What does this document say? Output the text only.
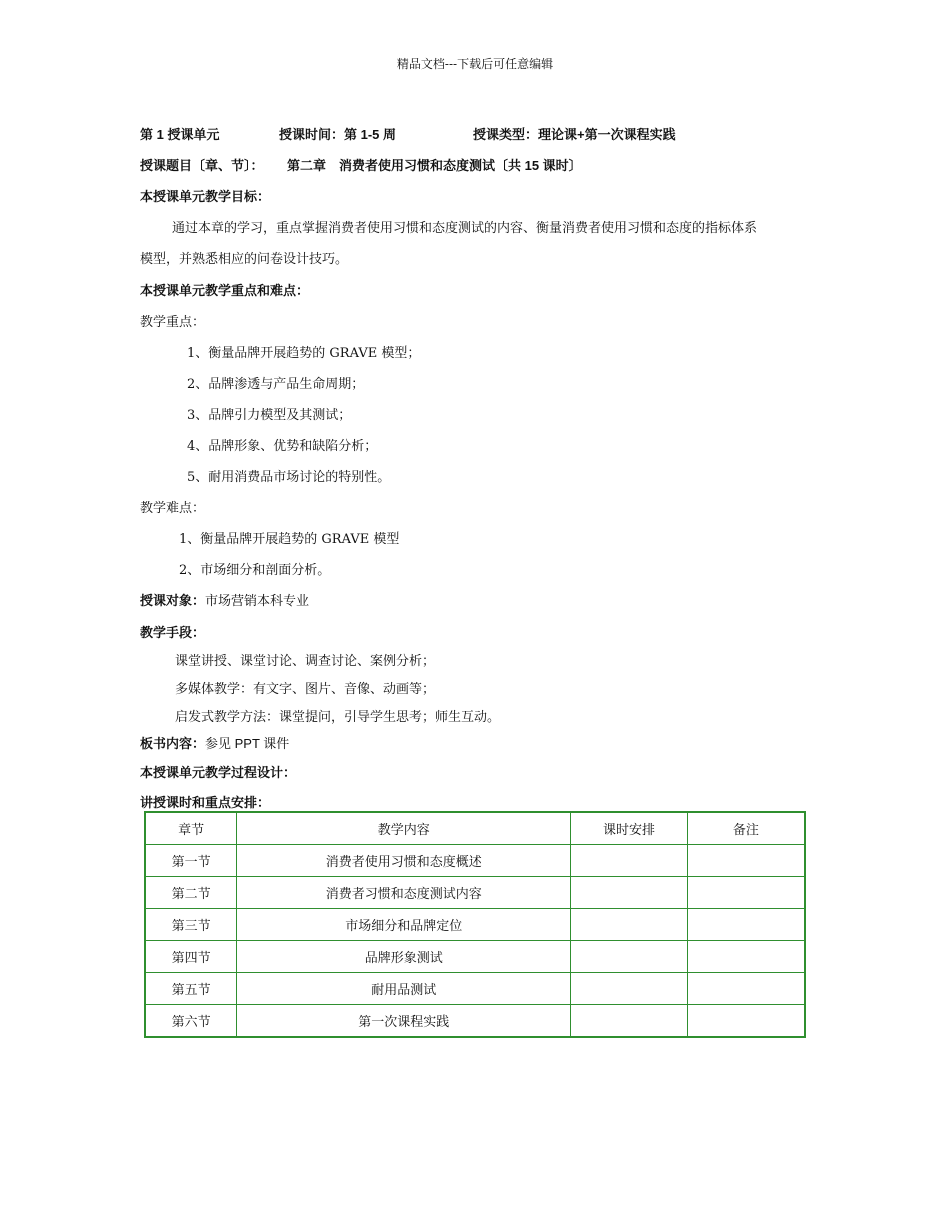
精品文档---下载后可任意编辑
第 1 授课单元	授课时间：第 1-5 周	授课类型：理论课+第一次课程实践
授课题目〔章、节〕： 第二章　消费者使用习惯和态度测试〔共 15 课时〕
本授课单元教学目标：
通过本章的学习，重点掌握消费者使用习惯和态度测试的内容、衡量消费者使用习惯和态度的指标体系
模型，并熟悉相应的问卷设计技巧。
本授课单元教学重点和难点：
教学重点：
1、衡量品牌开展趋势的 GRAVE 模型；
2、品牌渗透与产品生命周期；
3、品牌引力模型及其测试；
4、品牌形象、优势和缺陷分析；
5、耐用消费品市场讨论的特别性。
教学难点：
1、衡量品牌开展趋势的 GRAVE 模型
2、市场细分和剖面分析。
授课对象：市场营销本科专业
教学手段：
课堂讲授、课堂讨论、调查讨论、案例分析；
多媒体教学：有文字、图片、音像、动画等；
启发式教学方法：课堂提问，引导学生思考；师生互动。
板书内容：参见 PPT 课件
本授课单元教学过程设计：
讲授课时和重点安排：
章节	教学内容	课时安排	备注
第一节	消费者使用习惯和态度概述		
第二节	消费者习惯和态度测试内容		
第三节	市场细分和品牌定位		
第四节	品牌形象测试		
第五节	耐用品测试		
第六节	第一次课程实践		
